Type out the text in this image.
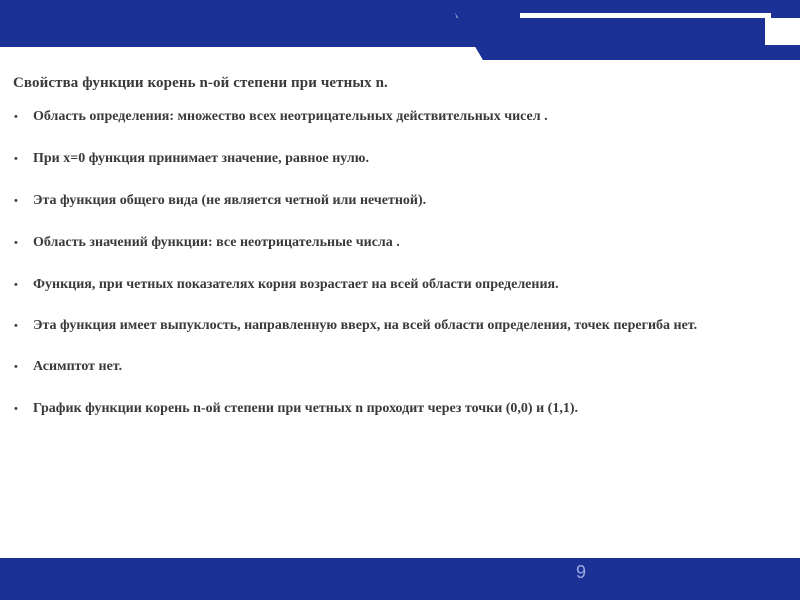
Свойства функции корень n-ой степени при четных n.
• Область определения: множество всех неотрицательных действительных чисел .
• При x=0 функция принимает значение, равное нулю.
• Эта функция общего вида (не является четной или нечетной).
• Область значений функции: все неотрицательные числа .
• Функция, при четных показателях корня возрастает на всей области определения.
• Эта функция имеет выпуклость, направленную вверх, на всей области определения, точек перегиба нет.
• Асимптот нет.
• График функции корень n-ой степени при четных n проходит через точки (0,0) и (1,1).
9
